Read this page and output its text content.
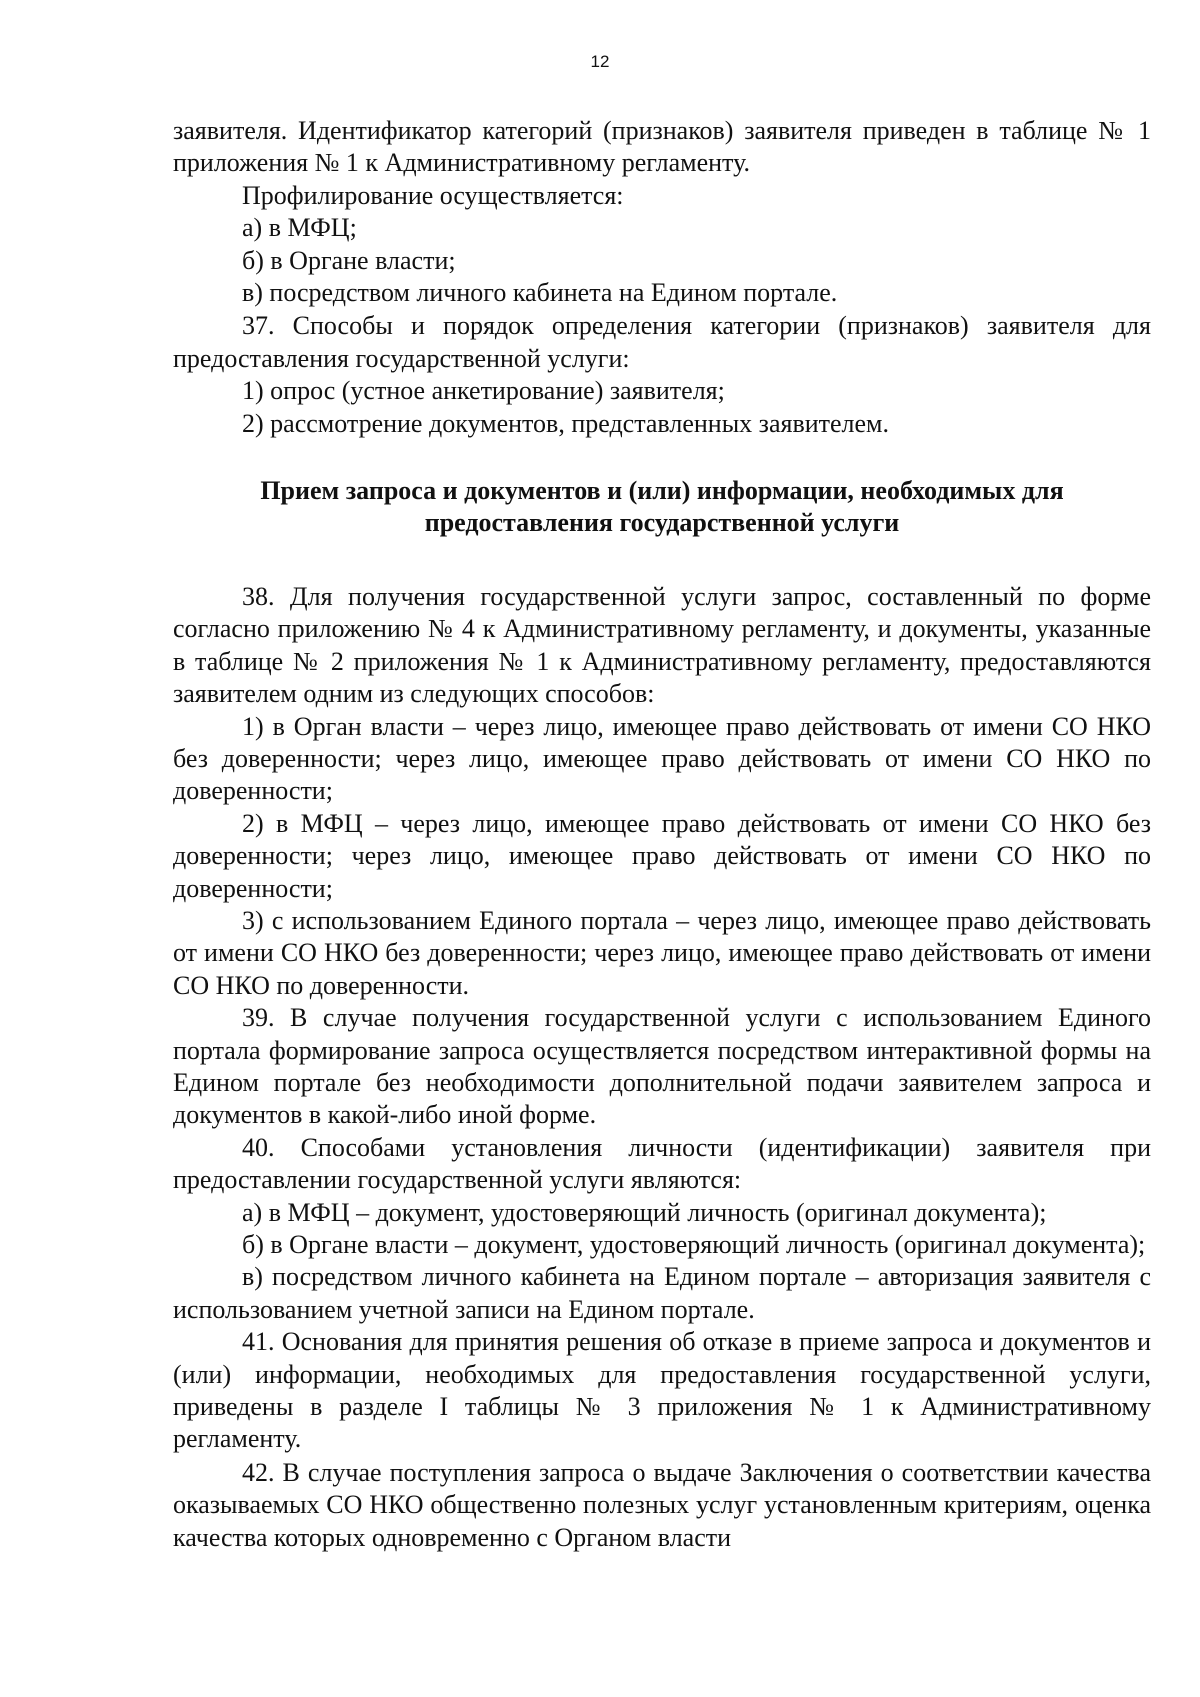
12

заявителя. Идентификатор категорий (признаков) заявителя приведен в таблице № 1 приложения № 1 к Административному регламенту.

Профилирование осуществляется:

а) в МФЦ;

б) в Органе власти;

в) посредством личного кабинета на Едином портале.

37. Способы и порядок определения категории (признаков) заявителя для предоставления государственной услуги:

1) опрос (устное анкетирование) заявителя;

2) рассмотрение документов, представленных заявителем.

Прием запроса и документов и (или) информации, необходимых для
предоставления государственной услуги

38. Для получения государственной услуги запрос, составленный по форме согласно приложению № 4 к Административному регламенту, и документы, указанные в таблице № 2 приложения № 1 к Административному регламенту, предоставляются заявителем одним из следующих способов:

1) в Орган власти – через лицо, имеющее право действовать от имени СО НКО без доверенности; через лицо, имеющее право действовать от имени СО НКО по доверенности;

2) в МФЦ – через лицо, имеющее право действовать от имени СО НКО без доверенности; через лицо, имеющее право действовать от имени СО НКО по доверенности;

3) с использованием Единого портала – через лицо, имеющее право действовать от имени СО НКО без доверенности; через лицо, имеющее право действовать от имени СО НКО по доверенности.

39. В случае получения государственной услуги с использованием Единого портала формирование запроса осуществляется посредством интерактивной формы на Едином портале без необходимости дополнительной подачи заявителем запроса и документов в какой-либо иной форме.

40. Способами установления личности (идентификации) заявителя при предоставлении государственной услуги являются:

а) в МФЦ – документ, удостоверяющий личность (оригинал документа);

б) в Органе власти – документ, удостоверяющий личность (оригинал документа);

в) посредством личного кабинета на Едином портале – авторизация заявителя с использованием учетной записи на Едином портале.

41. Основания для принятия решения об отказе в приеме запроса и документов и (или) информации, необходимых для предоставления государственной услуги, приведены в разделе I таблицы № 3 приложения № 1 к Административному регламенту.

42. В случае поступления запроса о выдаче Заключения о соответствии качества оказываемых СО НКО общественно полезных услуг установленным критериям, оценка качества которых одновременно с Органом власти
